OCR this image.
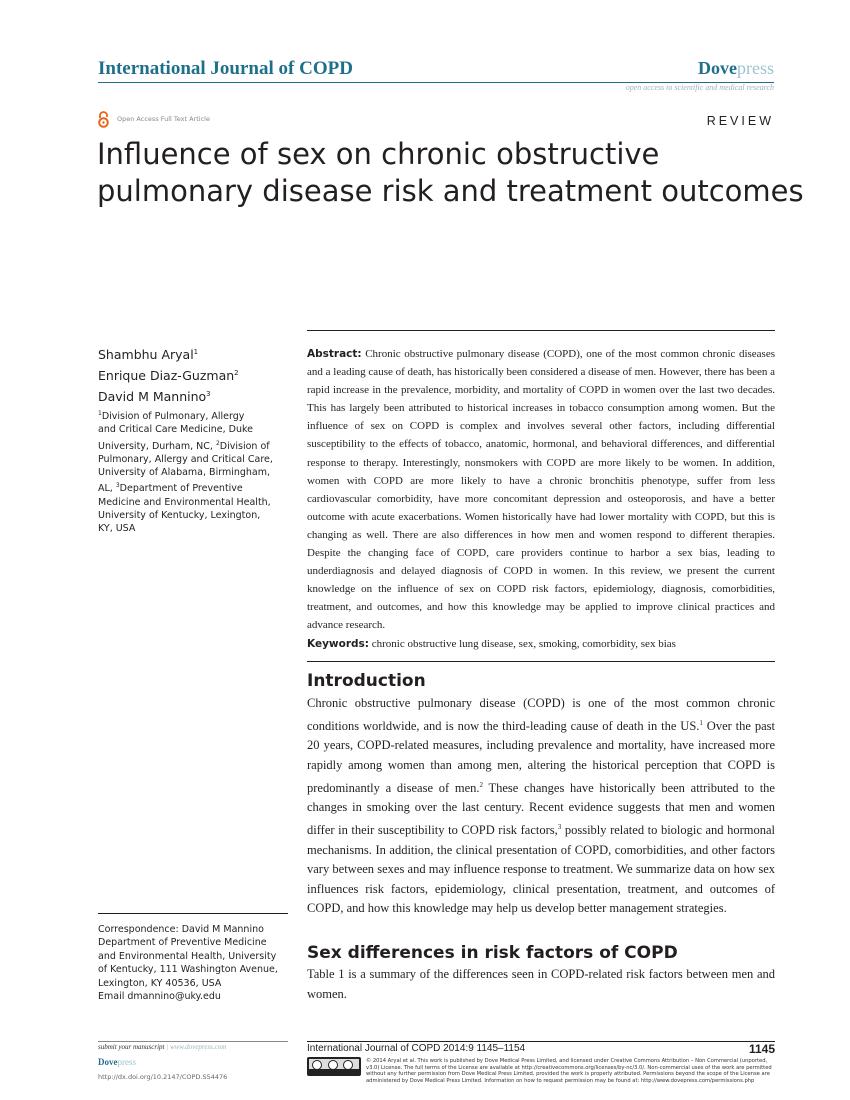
International Journal of COPD	Dovepress
open access to scientific and medical research
Open Access Full Text Article	REVIEW
Influence of sex on chronic obstructive
pulmonary disease risk and treatment outcomes
Shambhu Aryal$^1$
Enrique Diaz-Guzman$^2$
David M Mannino$^3$
$^1$Division of Pulmonary, Allergy
and Critical Care Medicine, Duke
University, Durham, NC, $^2$Division of
Pulmonary, Allergy and Critical Care,
University of Alabama, Birmingham,
AL, $^3$Department of Preventive
Medicine and Environmental Health,
University of Kentucky, Lexington,
KY, USA
Correspondence: David M Mannino
Department of Preventive Medicine
and Environmental Health, University
of Kentucky, 111 Washington Avenue,
Lexington, KY 40536, USA
Email dmannino@uky.edu
Abstract: Chronic obstructive pulmonary disease (COPD), one of the most common chronic diseases and a leading cause of death, has historically been considered a disease of men. However, there has been a rapid increase in the prevalence, morbidity, and mortality of COPD in women over the last two decades. This has largely been attributed to historical increases in tobacco consumption among women. But the influence of sex on COPD is complex and involves several other factors, including differential susceptibility to the effects of tobacco, anatomic, hormonal, and behavioral differences, and differential response to therapy. Interestingly, nonsmokers with COPD are more likely to be women. In addition, women with COPD are more likely to have a chronic bronchitis phenotype, suffer from less cardiovascular comorbidity, have more concomitant depression and osteoporosis, and have a better outcome with acute exacerbations. Women historically have had lower mortality with COPD, but this is changing as well. There are also differences in how men and women respond to different therapies. Despite the changing face of COPD, care providers continue to harbor a sex bias, leading to underdiagnosis and delayed diagnosis of COPD in women. In this review, we present the current knowledge on the influence of sex on COPD risk factors, epidemiology, diagnosis, comorbidities, treatment, and outcomes, and how this knowledge may be applied to improve clinical practices and advance research.
Keywords: chronic obstructive lung disease, sex, smoking, comorbidity, sex bias
Introduction
Chronic obstructive pulmonary disease (COPD) is one of the most common chronic conditions worldwide, and is now the third-leading cause of death in the US.$^1$ Over the past 20 years, COPD-related measures, including prevalence and mortality, have increased more rapidly among women than among men, altering the historical perception that COPD is predominantly a disease of men.$^2$ These changes have historically been attributed to the changes in smoking over the last century. Recent evidence suggests that men and women differ in their susceptibility to COPD risk factors,$^3$ possibly related to biologic and hormonal mechanisms. In addition, the clinical presentation of COPD, comorbidities, and other factors vary between sexes and may influence response to treatment. We summarize data on how sex influences risk factors, epidemiology, clinical presentation, treatment, and outcomes of COPD, and how this knowledge may help us develop better management strategies.
Sex differences in risk factors of COPD
Table 1 is a summary of the differences seen in COPD-related risk factors between men and women.
submit your manuscript | www.dovepress.com
Dovepress
http://dx.doi.org/10.2147/COPD.S54476
International Journal of COPD 2014:9 1145–1154	1145
© 2014 Aryal et al. This work is published by Dove Medical Press Limited, and licensed under Creative Commons Attribution – Non Commercial (unported, v3.0) License. The full terms of the License are available at http://creativecommons.org/licenses/by-nc/3.0/. Non-commercial uses of the work are permitted without any further permission from Dove Medical Press Limited, provided the work is properly attributed. Permissions beyond the scope of the License are administered by Dove Medical Press Limited. Information on how to request permission may be found at: http://www.dovepress.com/permissions.php
